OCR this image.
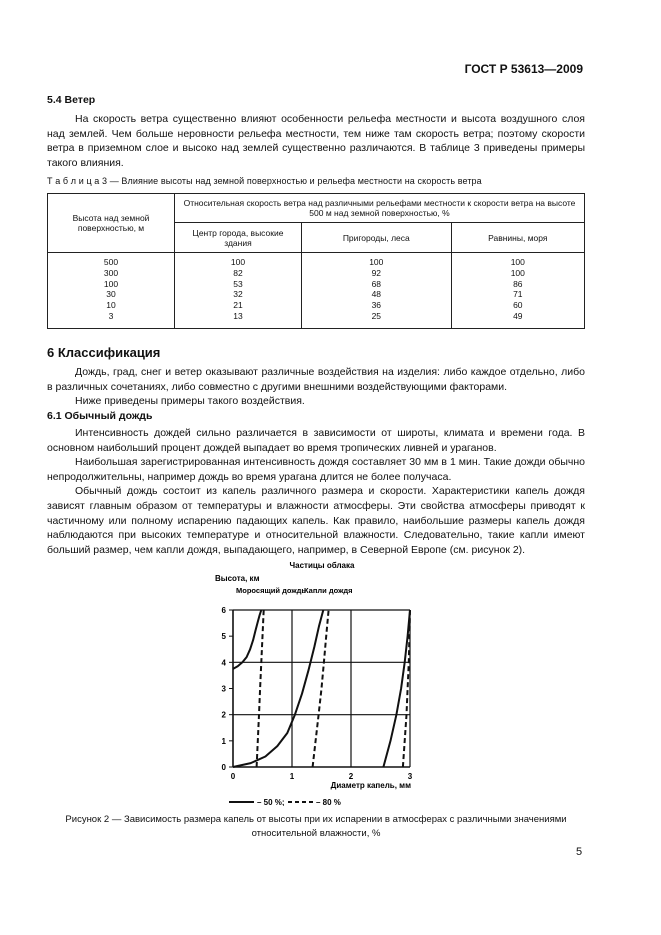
ГОСТ Р 53613—2009
5.4 Ветер

На скорость ветра существенно влияют особенности рельефа местности и высота воздушного слоя над землей. Чем больше неровности рельефа местности, тем ниже там скорость ветра; поэтому скорости ветра в приземном слое и высоко над землей существенно различаются. В таблице 3 приведены примеры такого влияния.

Т а б л и ц а 3 — Влияние высоты над земной поверхностью и рельефа местности на скорость ветра
Высота над земной поверхностью, м	Относительная скорость ветра над различными рельефами местности к скорости ветра на высоте 500 м над земной поверхностью, %		
	Центр города, высокие здания	Пригороды, леса	Равнины, моря
500	100	100	100
300	82	92	100
100	53	68	86
30	32	48	71
10	21	36	60
3	13	25	49
6 Классификация

Дождь, град, снег и ветер оказывают различные воздействия на изделия: либо каждое отдельно, либо в различных сочетаниях, либо совместно с другими внешними воздействующими факторами.

Ниже приведены примеры такого воздействия.

6.1 Обычный дождь

Интенсивность дождей сильно различается в зависимости от широты, климата и времени года. В основном наибольший процент дождей выпадает во время тропических ливней и ураганов.

Наибольшая зарегистрированная интенсивность дождя составляет 30 мм в 1 мин. Такие дожди обычно непродолжительны, например дождь во время урагана длится не более получаса.

Обычный дождь состоит из капель различного размера и скорости. Характеристики капель дождя зависят главным образом от температуры и влажности атмосферы. Эти свойства атмосферы приводят к частичному или полному испарению падающих капель. Как правило, наибольшие размеры капель дождя наблюдаются при высоких температуре и относительной влажности. Следовательно, такие капли имеют больший размер, чем капли дождя, выпадающего, например, в Северной Европе (см. рисунок 2).

0
1
2
3
4
5
6
0	1	2	3
Частицы облака
Высота, км
Моросящий дождь
Капли дождя
Диаметр капель, мм
– 50 %;	– 80 %
Рисунок 2 — Зависимость размера капель от высоты при их испарении в атмосферах с различными значениями относительной влажности, %
5
